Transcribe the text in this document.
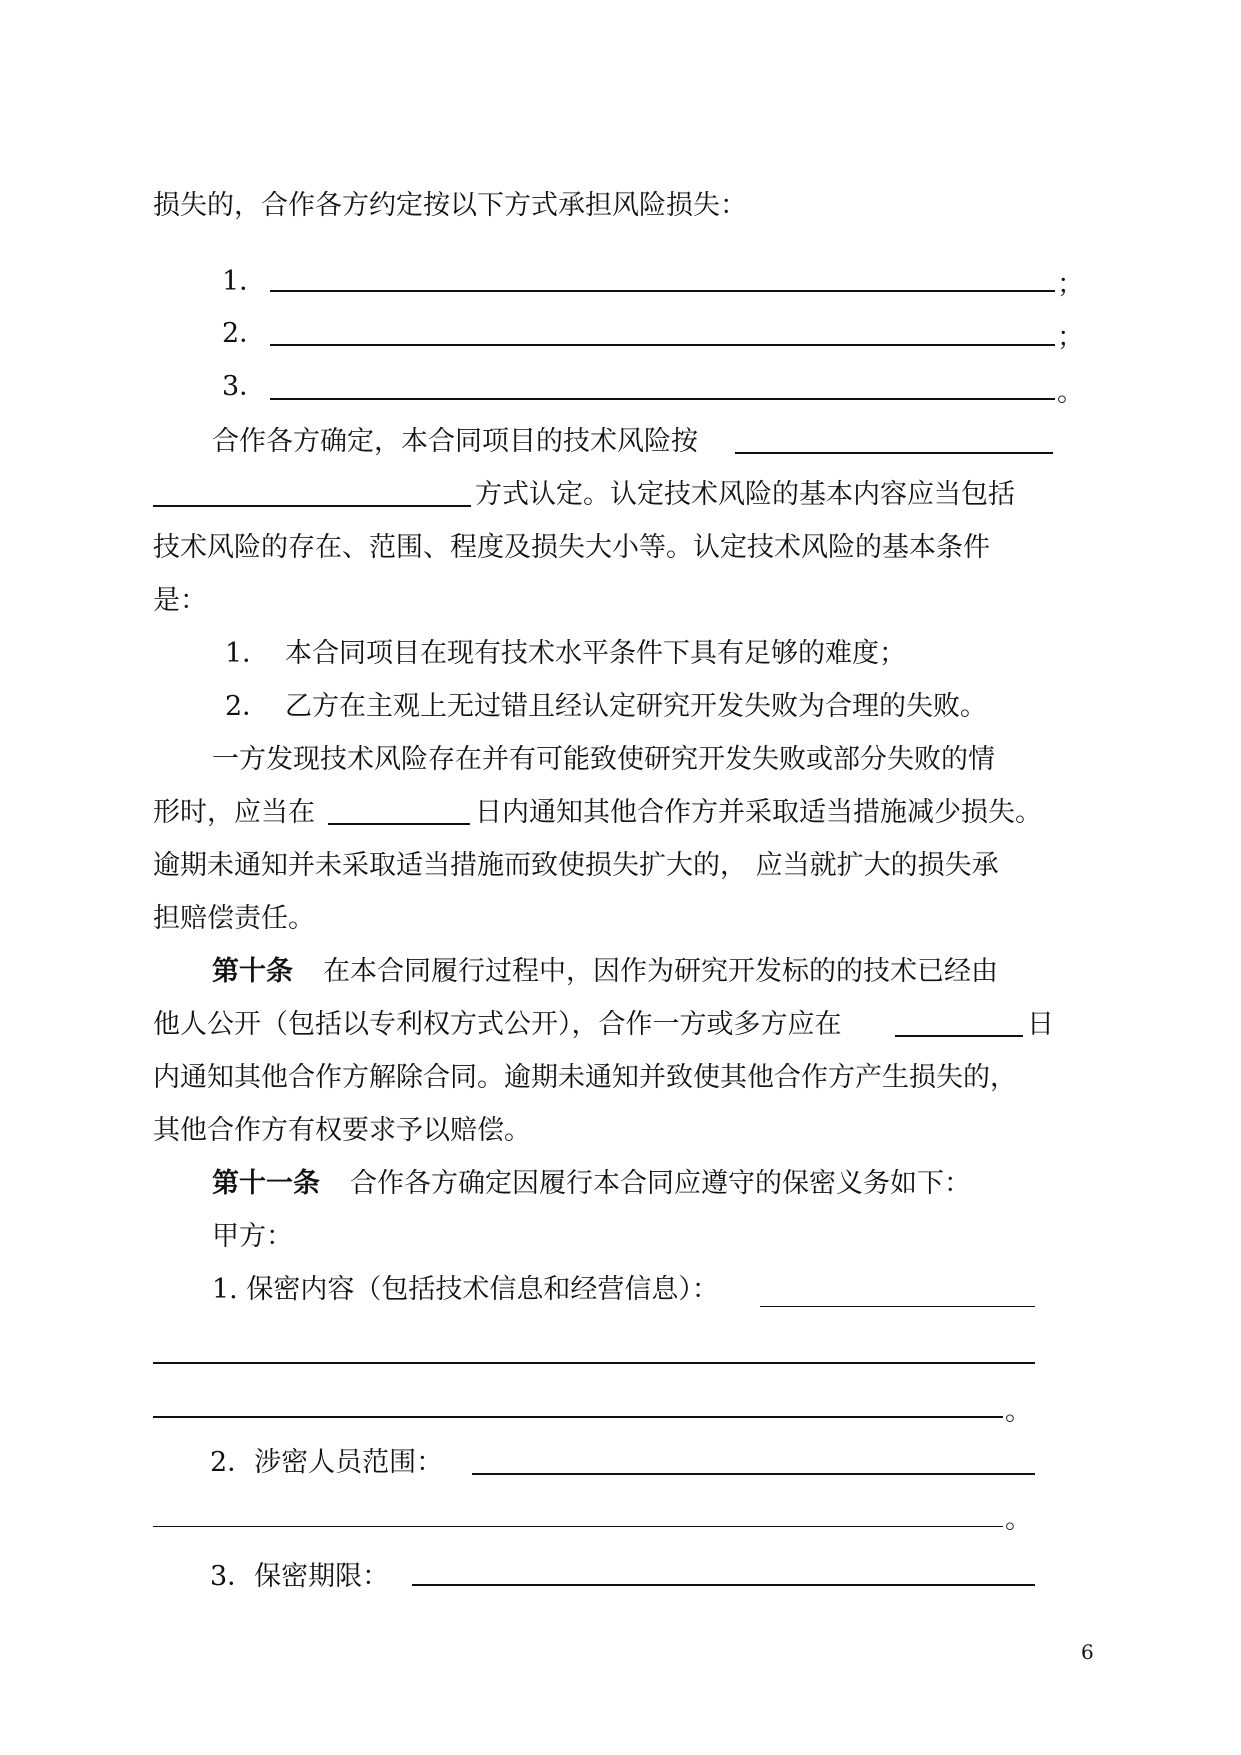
损失的，合作各方约定按以下方式承担风险损失：
1．	；
2．	；
3．	。
合作各方确定，本合同项目的技术风险按
方式认定。认定技术风险的基本内容应当包括
技术风险的存在、范围、程度及损失大小等。认定技术风险的基本条件
是：
1． 本合同项目在现有技术水平条件下具有足够的难度；
2． 乙方在主观上无过错且经认定研究开发失败为合理的失败。
一方发现技术风险存在并有可能致使研究开发失败或部分失败的情
形时，应当在	日内通知其他合作方并采取适当措施减少损失。
逾期未通知并未采取适当措施而致使损失扩大的， 应当就扩大的损失承
担赔偿责任。
第十条 在本合同履行过程中，因作为研究开发标的的技术已经由
他人公开（包括以专利权方式公开），合作一方或多方应在	日
内通知其他合作方解除合同。逾期未通知并致使其他合作方产生损失的，
其他合作方有权要求予以赔偿。
第十一条 合作各方确定因履行本合同应遵守的保密义务如下：
甲方：
1. 保密内容（包括技术信息和经营信息）：
。
2．涉密人员范围：
。
3．保密期限：
6
